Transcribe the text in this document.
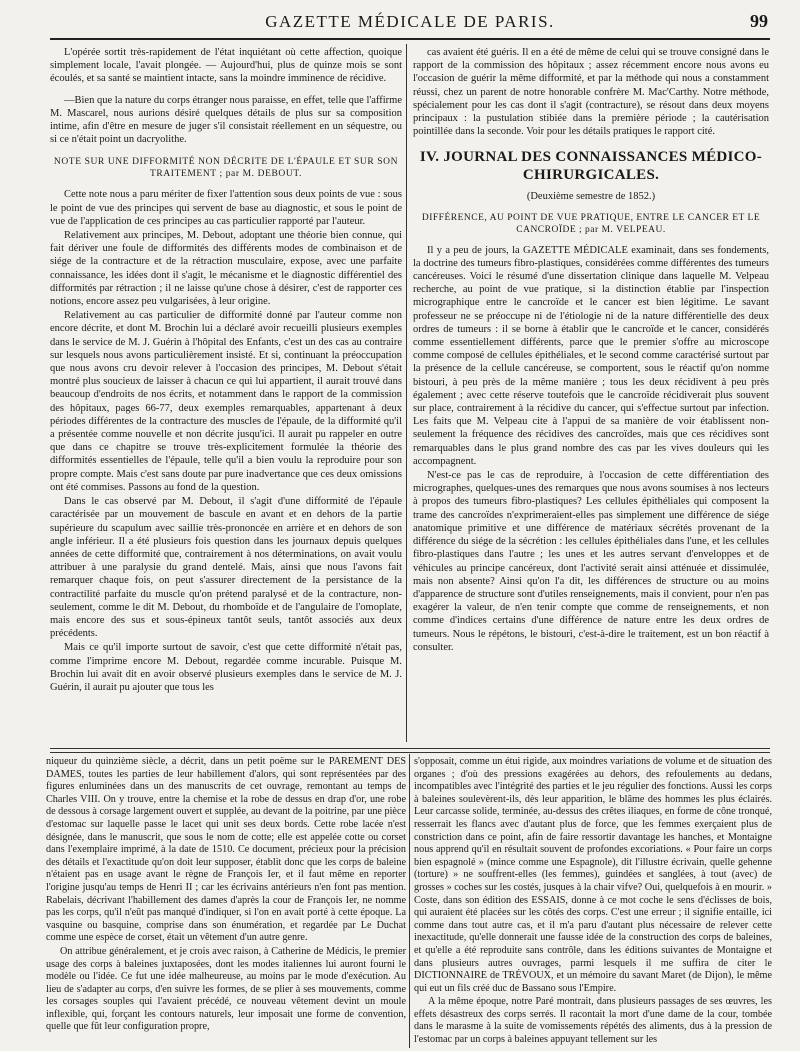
GAZETTE MÉDICALE DE PARIS.	99

L'opérée sortit très-rapidement de l'état inquiétant où cette affection, quoique simplement locale, l'avait plongée. — Aujourd'hui, plus de quinze mois se sont écoulés, et sa santé se maintient intacte, sans la moindre imminence de récidive.

—Bien que la nature du corps étranger nous paraisse, en effet, telle que l'affirme M. Mascarel, nous aurions désiré quelques détails de plus sur sa composition intime, afin d'être en mesure de juger s'il consistait réellement en un séquestre, ou si ce n'était point un dacryolithe.

NOTE SUR UNE DIFFORMITÉ NON DÉCRITE DE L'ÉPAULE ET SUR SON TRAITEMENT ; par M. DEBOUT.

Cette note nous a paru mériter de fixer l'attention sous deux points de vue : sous le point de vue des principes qui servent de base au diagnostic, et sous le point de vue de l'application de ces principes au cas particulier rapporté par l'auteur.

Relativement aux principes, M. Debout, adoptant une théorie bien connue, qui fait dériver une foule de difformités des différents modes de combinaison et de siége de la contracture et de la rétraction musculaire, expose, avec une parfaite connaissance, les idées dont il s'agit, le mécanisme et le diagnostic différentiel des difformités par rétraction ; il ne laisse qu'une chose à désirer, c'est de rapporter ces notions, encore assez peu vulgarisées, à leur origine.

Relativement au cas particulier de difformité donné par l'auteur comme non encore décrite, et dont M. Brochin lui a déclaré avoir recueilli plusieurs exemples dans le service de M. J. Guérin à l'hôpital des Enfants, c'est un des cas au contraire sur lesquels nous avons particulièrement insisté. Et si, continuant la préoccupation que nous avons cru devoir relever à l'occasion des principes, M. Debout s'était montré plus soucieux de laisser à chacun ce qui lui appartient, il aurait trouvé dans beaucoup d'endroits de nos écrits, et notamment dans le rapport de la commission des hôpitaux, pages 66-77, deux exemples remarquables, appartenant à deux périodes différentes de la contracture des muscles de l'épaule, de la difformité qu'il a présentée comme nouvelle et non décrite jusqu'ici. Il aurait pu rappeler en outre que dans ce chapitre se trouve très-explicitement formulée la théorie des difformités essentielles de l'épaule, telle qu'il a bien voulu la reproduire pour son propre compte. Mais c'est sans doute par pure inadvertance que ces deux omissions ont été commises. Passons au fond de la question.

Dans le cas observé par M. Debout, il s'agit d'une difformité de l'épaule caractérisée par un mouvement de bascule en avant et en dehors de la partie supérieure du scapulum avec saillie très-prononcée en arrière et en dehors de son angle inférieur. Il a été plusieurs fois question dans les journaux depuis quelques années de cette difformité que, contrairement à nos déterminations, on avait voulu attribuer à une paralysie du grand dentelé. Mais, ainsi que nous l'avons fait remarquer chaque fois, on peut s'assurer directement de la persistance de la contractilité parfaite du muscle qu'on prétend paralysé et de la contracture, non-seulement, comme le dit M. Debout, du rhomboïde et de l'angulaire de l'omoplate, mais encore des sus et sous-épineux tantôt seuls, tantôt associés aux deux précédents.

Mais ce qu'il importe surtout de savoir, c'est que cette difformité n'était pas, comme l'imprime encore M. Debout, regardée comme incurable. Puisque M. Brochin lui avait dit en avoir observé plusieurs exemples dans le service de M. J. Guérin, il aurait pu ajouter que tous les

cas avaient été guéris. Il en a été de même de celui qui se trouve consigné dans le rapport de la commission des hôpitaux ; assez récemment encore nous avons eu l'occasion de guérir la même difformité, et par la méthode qui nous a constamment réussi, chez un parent de notre honorable confrère M. Mac'Carthy. Notre méthode, spécialement pour les cas dont il s'agit (contracture), se résout dans deux moyens principaux : la pustulation stibiée dans la première période ; la cautérisation pointillée dans la seconde. Voir pour les détails pratiques le rapport cité.

IV. JOURNAL DES CONNAISSANCES MÉDICO-CHIRURGICALES.
(Deuxième semestre de 1852.)
DIFFÉRENCE, AU POINT DE VUE PRATIQUE, ENTRE LE CANCER ET LE CANCROÏDE ; par M. VELPEAU.

Il y a peu de jours, la GAZETTE MÉDICALE examinait, dans ses fondements, la doctrine des tumeurs fibro-plastiques, considérées comme différentes des tumeurs cancéreuses. Voici le résumé d'une dissertation clinique dans laquelle M. Velpeau recherche, au point de vue pratique, si la distinction établie par l'inspection micrographique entre le cancroïde et le cancer est bien légitime. Le savant professeur ne se préoccupe ni de l'étiologie ni de la nature différentielle des deux ordres de tumeurs : il se borne à établir que le cancroïde et le cancer, considérés comme essentiellement différents, parce que le premier s'offre au microscope comme composé de cellules épithéliales, et le second comme caractérisé surtout par la présence de la cellule cancéreuse, se comportent, sous le réactif qu'on nomme bistouri, à peu près de la même manière ; tous les deux récidivent à peu près également ; avec cette réserve toutefois que le cancroïde récidiverait plus souvent sur place, contrairement à la récidive du cancer, qui s'effectue surtout par infection. Les faits que M. Velpeau cite à l'appui de sa manière de voir établissent non-seulement la fréquence des récidives des cancroïdes, mais que ces récidives sont remarquables dans le plus grand nombre des cas par les vives douleurs qui les accompagnent.

N'est-ce pas le cas de reproduire, à l'occasion de cette différentiation des micrographes, quelques-unes des remarques que nous avons soumises à nos lecteurs à propos des tumeurs fibro-plastiques? Les cellules épithéliales qui composent la trame des cancroïdes n'exprimeraient-elles pas simplement une différence de siége anatomique primitive et une différence de matériaux sécrétés provenant de la différence du siége de la sécrétion : les cellules épithéliales dans l'une, et les cellules fibro-plastiques dans l'autre ; les unes et les autres servant d'enveloppes et de véhicules au principe cancéreux, dont l'activité serait ainsi atténuée et dissimulée, mais non absente? Ainsi qu'on l'a dit, les différences de structure ou au moins d'apparence de structure sont d'utiles renseignements, mais il convient, pour n'en pas exagérer la valeur, de n'en tenir compte que comme de renseignements, et non comme d'indices certains d'une différence de nature entre les deux ordres de tumeurs. Nous le répétons, le bistouri, c'est-à-dire le traitement, est un bon réactif à consulter.

niqueur du quinzième siècle, a décrit, dans un petit poëme sur le PAREMENT DES DAMES, toutes les parties de leur habillement d'alors, qui sont représentées par des figures enluminées dans un des manuscrits de cet ouvrage, remontant au temps de Charles VIII. On y trouve, entre la chemise et la robe de dessus en drap d'or, une robe de dessous à corsage largement ouvert et supplée, au devant de la poitrine, par une pièce d'estomac sur laquelle passe le lacet qui unit ses deux bords. Cette robe lacée n'est désignée, dans le manuscrit, que sous le nom de cotte; elle est appelée cotte ou corset dans l'exemplaire imprimé, à la date de 1510. Ce document, précieux pour la précision des détails et l'exactitude qu'on doit leur supposer, établit donc que les corps de baleine n'étaient pas en usage avant le règne de François Ier, et il faut même en reporter l'origine jusqu'au temps de Henri II ; car les écrivains antérieurs n'en font pas mention. Rabelais, décrivant l'habillement des dames d'après la cour de François Ier, ne nomme pas les corps, qu'il n'eût pas manqué d'indiquer, si l'on en avait porté à cette époque. La vasquine ou basquine, comprise dans son énumération, et regardée par Le Duchat comme une espèce de corset, était un vêtement d'un autre genre.

On attribue généralement, et je crois avec raison, à Catherine de Médicis, le premier usage des corps à baleines juxtaposées, dont les modes italiennes lui auront fourni le modèle ou l'idée. Ce fut une idée malheureuse, au moins par le mode d'exécution. Au lieu de s'adapter au corps, d'en suivre les formes, de se plier à ses mouvements, comme les corsages souples qui l'avaient précédé, ce nouveau vêtement devint un moule inflexible, qui, forçant les contours naturels, leur imposait une forme de convention, quelle que fût leur configuration propre,

s'opposait, comme un étui rigide, aux moindres variations de volume et de situation des organes ; d'où des pressions exagérées au dehors, des refoulements au dedans, incompatibles avec l'intégrité des parties et le jeu régulier des fonctions. Aussi les corps à baleines soulevèrent-ils, dès leur apparition, le blâme des hommes les plus éclairés. Leur carcasse solide, terminée, au-dessus des crêtes iliaques, en forme de cône tronqué, resserrait les flancs avec d'autant plus de force, que les femmes exerçaient plus de constriction dans ce point, afin de faire ressortir davantage les hanches, et Montaigne nous apprend qu'il en résultait souvent de profondes excoriations. « Pour faire un corps bien espagnolé » (mince comme une Espagnole), dit l'illustre écrivain, quelle gehenne (torture) » ne souffrent-elles (les femmes), guindées et sanglées, à tout (avec) de grosses » coches sur les costés, jusques à la chair vifve? Oui, quelquefois à en mourir. » Coste, dans son édition des ESSAIS, donne à ce mot coche le sens d'éclisses de bois, qui auraient été placées sur les côtés des corps. C'est une erreur ; il signifie entaille, ici comme dans tout autre cas, et il m'a paru d'autant plus nécessaire de relever cette inexactitude, qu'elle donnerait une fausse idée de la construction des corps de baleines, et qu'elle a été reproduite sans contrôle, dans les éditions suivantes de Montaigne et dans plusieurs autres ouvrages, parmi lesquels il me suffira de citer le DICTIONNAIRE de TRÉVOUX, et un mémoire du savant Maret (de Dijon), le même qui eut un fils créé duc de Bassano sous l'Empire.

A la même époque, notre Paré montrait, dans plusieurs passages de ses œuvres, les effets désastreux des corps serrés. Il racontait la mort d'une dame de la cour, tombée dans le marasme à la suite de vomissements répétés des aliments, dus à la pression de l'estomac par un corps à baleines appuyant tellement sur les
